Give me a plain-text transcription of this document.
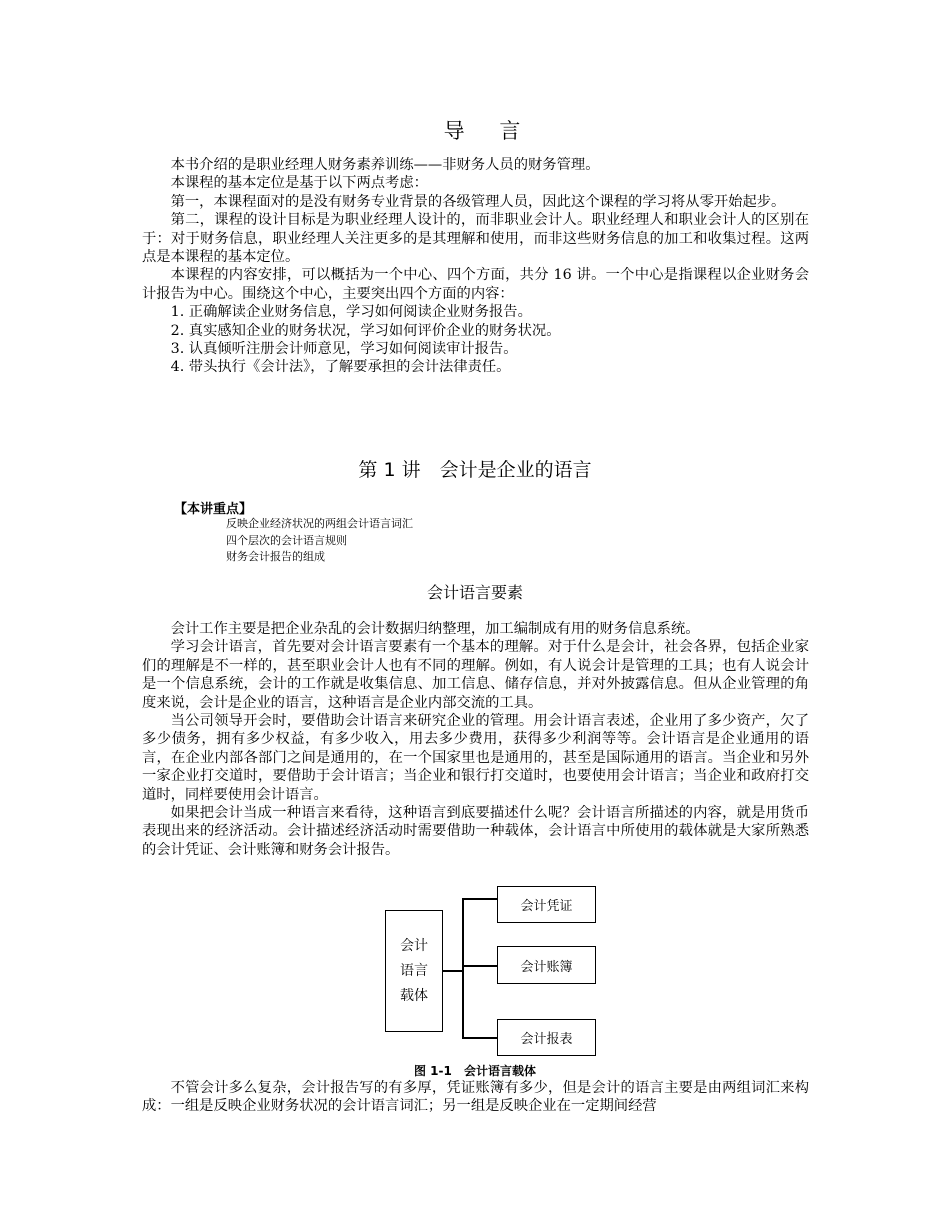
导 言

本书介绍的是职业经理人财务素养训练——非财务人员的财务管理。

本课程的基本定位是基于以下两点考虑：

第一，本课程面对的是没有财务专业背景的各级管理人员，因此这个课程的学习将从零开始起步。

第二，课程的设计目标是为职业经理人设计的，而非职业会计人。职业经理人和职业会计人的区别在于：对于财务信息，职业经理人关注更多的是其理解和使用，而非这些财务信息的加工和收集过程。这两点是本课程的基本定位。

本课程的内容安排，可以概括为一个中心、四个方面，共分 16 讲。一个中心是指课程以企业财务会计报告为中心。围绕这个中心，主要突出四个方面的内容：

1. 正确解读企业财务信息，学习如何阅读企业财务报告。

2. 真实感知企业的财务状况，学习如何评价企业的财务状况。

3. 认真倾听注册会计师意见，学习如何阅读审计报告。

4. 带头执行《会计法》，了解要承担的会计法律责任。

第 1 讲　会计是企业的语言
【本讲重点】
反映企业经济状况的两组会计语言词汇
四个层次的会计语言规则
财务会计报告的组成
会计语言要素

会计工作主要是把企业杂乱的会计数据归纳整理，加工编制成有用的财务信息系统。

学习会计语言，首先要对会计语言要素有一个基本的理解。对于什么是会计，社会各界，包括企业家们的理解是不一样的，甚至职业会计人也有不同的理解。例如，有人说会计是管理的工具；也有人说会计是一个信息系统，会计的工作就是收集信息、加工信息、储存信息，并对外披露信息。但从企业管理的角度来说，会计是企业的语言，这种语言是企业内部交流的工具。

当公司领导开会时，要借助会计语言来研究企业的管理。用会计语言表述，企业用了多少资产，欠了多少债务，拥有多少权益，有多少收入，用去多少费用，获得多少利润等等。会计语言是企业通用的语言，在企业内部各部门之间是通用的，在一个国家里也是通用的，甚至是国际通用的语言。当企业和另外一家企业打交道时，要借助于会计语言；当企业和银行打交道时，也要使用会计语言；当企业和政府打交道时，同样要使用会计语言。

如果把会计当成一种语言来看待，这种语言到底要描述什么呢？会计语言所描述的内容，就是用货币表现出来的经济活动。会计描述经济活动时需要借助一种载体，会计语言中所使用的载体就是大家所熟悉的会计凭证、会计账簿和财务会计报告。

会计
语言
载体
会计凭证
会计账簿
会计报表
图 1-1 会计语言载体

不管会计多么复杂，会计报告写的有多厚，凭证账簿有多少，但是会计的语言主要是由两组词汇来构成：一组是反映企业财务状况的会计语言词汇；另一组是反映企业在一定期间经营
